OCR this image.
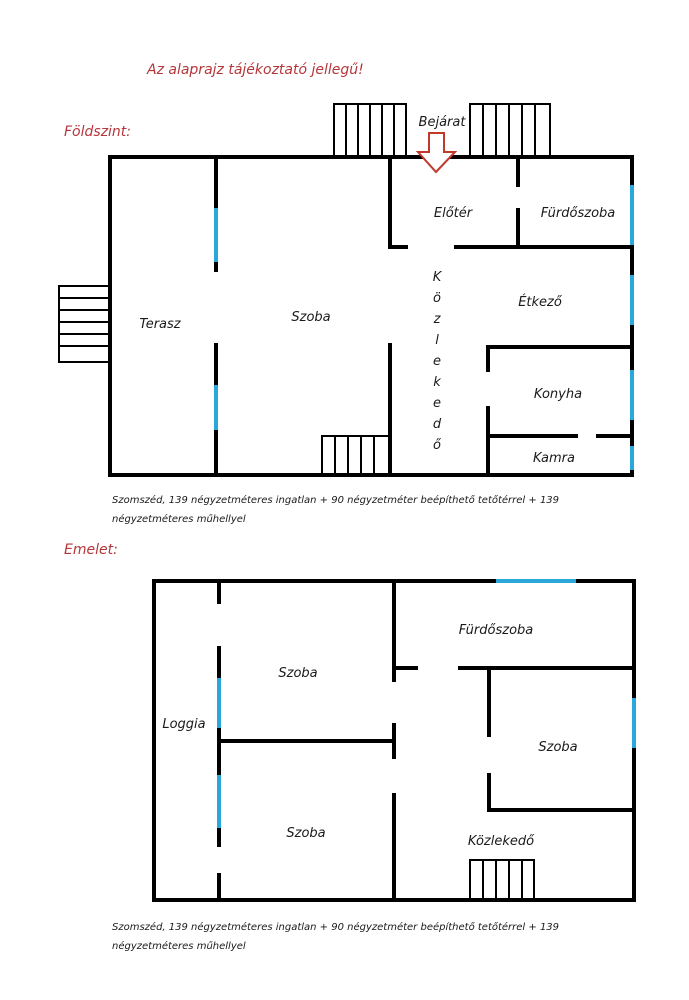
Az alaprajz tájékoztató jellegű!
Földszint:
Bejárat
Terasz	Szoba
Előtér	Fürdőszoba
Étkező
Konyha
Kamra
K
ö
z
l
e
k
e
d
ő
Szomszéd, 139 négyzetméteres ingatlan + 90 négyzetméter beépíthető tetőtérrel + 139
négyzetméteres műhellyel
Emelet:
Szoba
Szoba
Loggia
Fürdőszoba
Szoba
Közlekedő
Szomszéd, 139 négyzetméteres ingatlan + 90 négyzetméter beépíthető tetőtérrel + 139
négyzetméteres műhellyel
